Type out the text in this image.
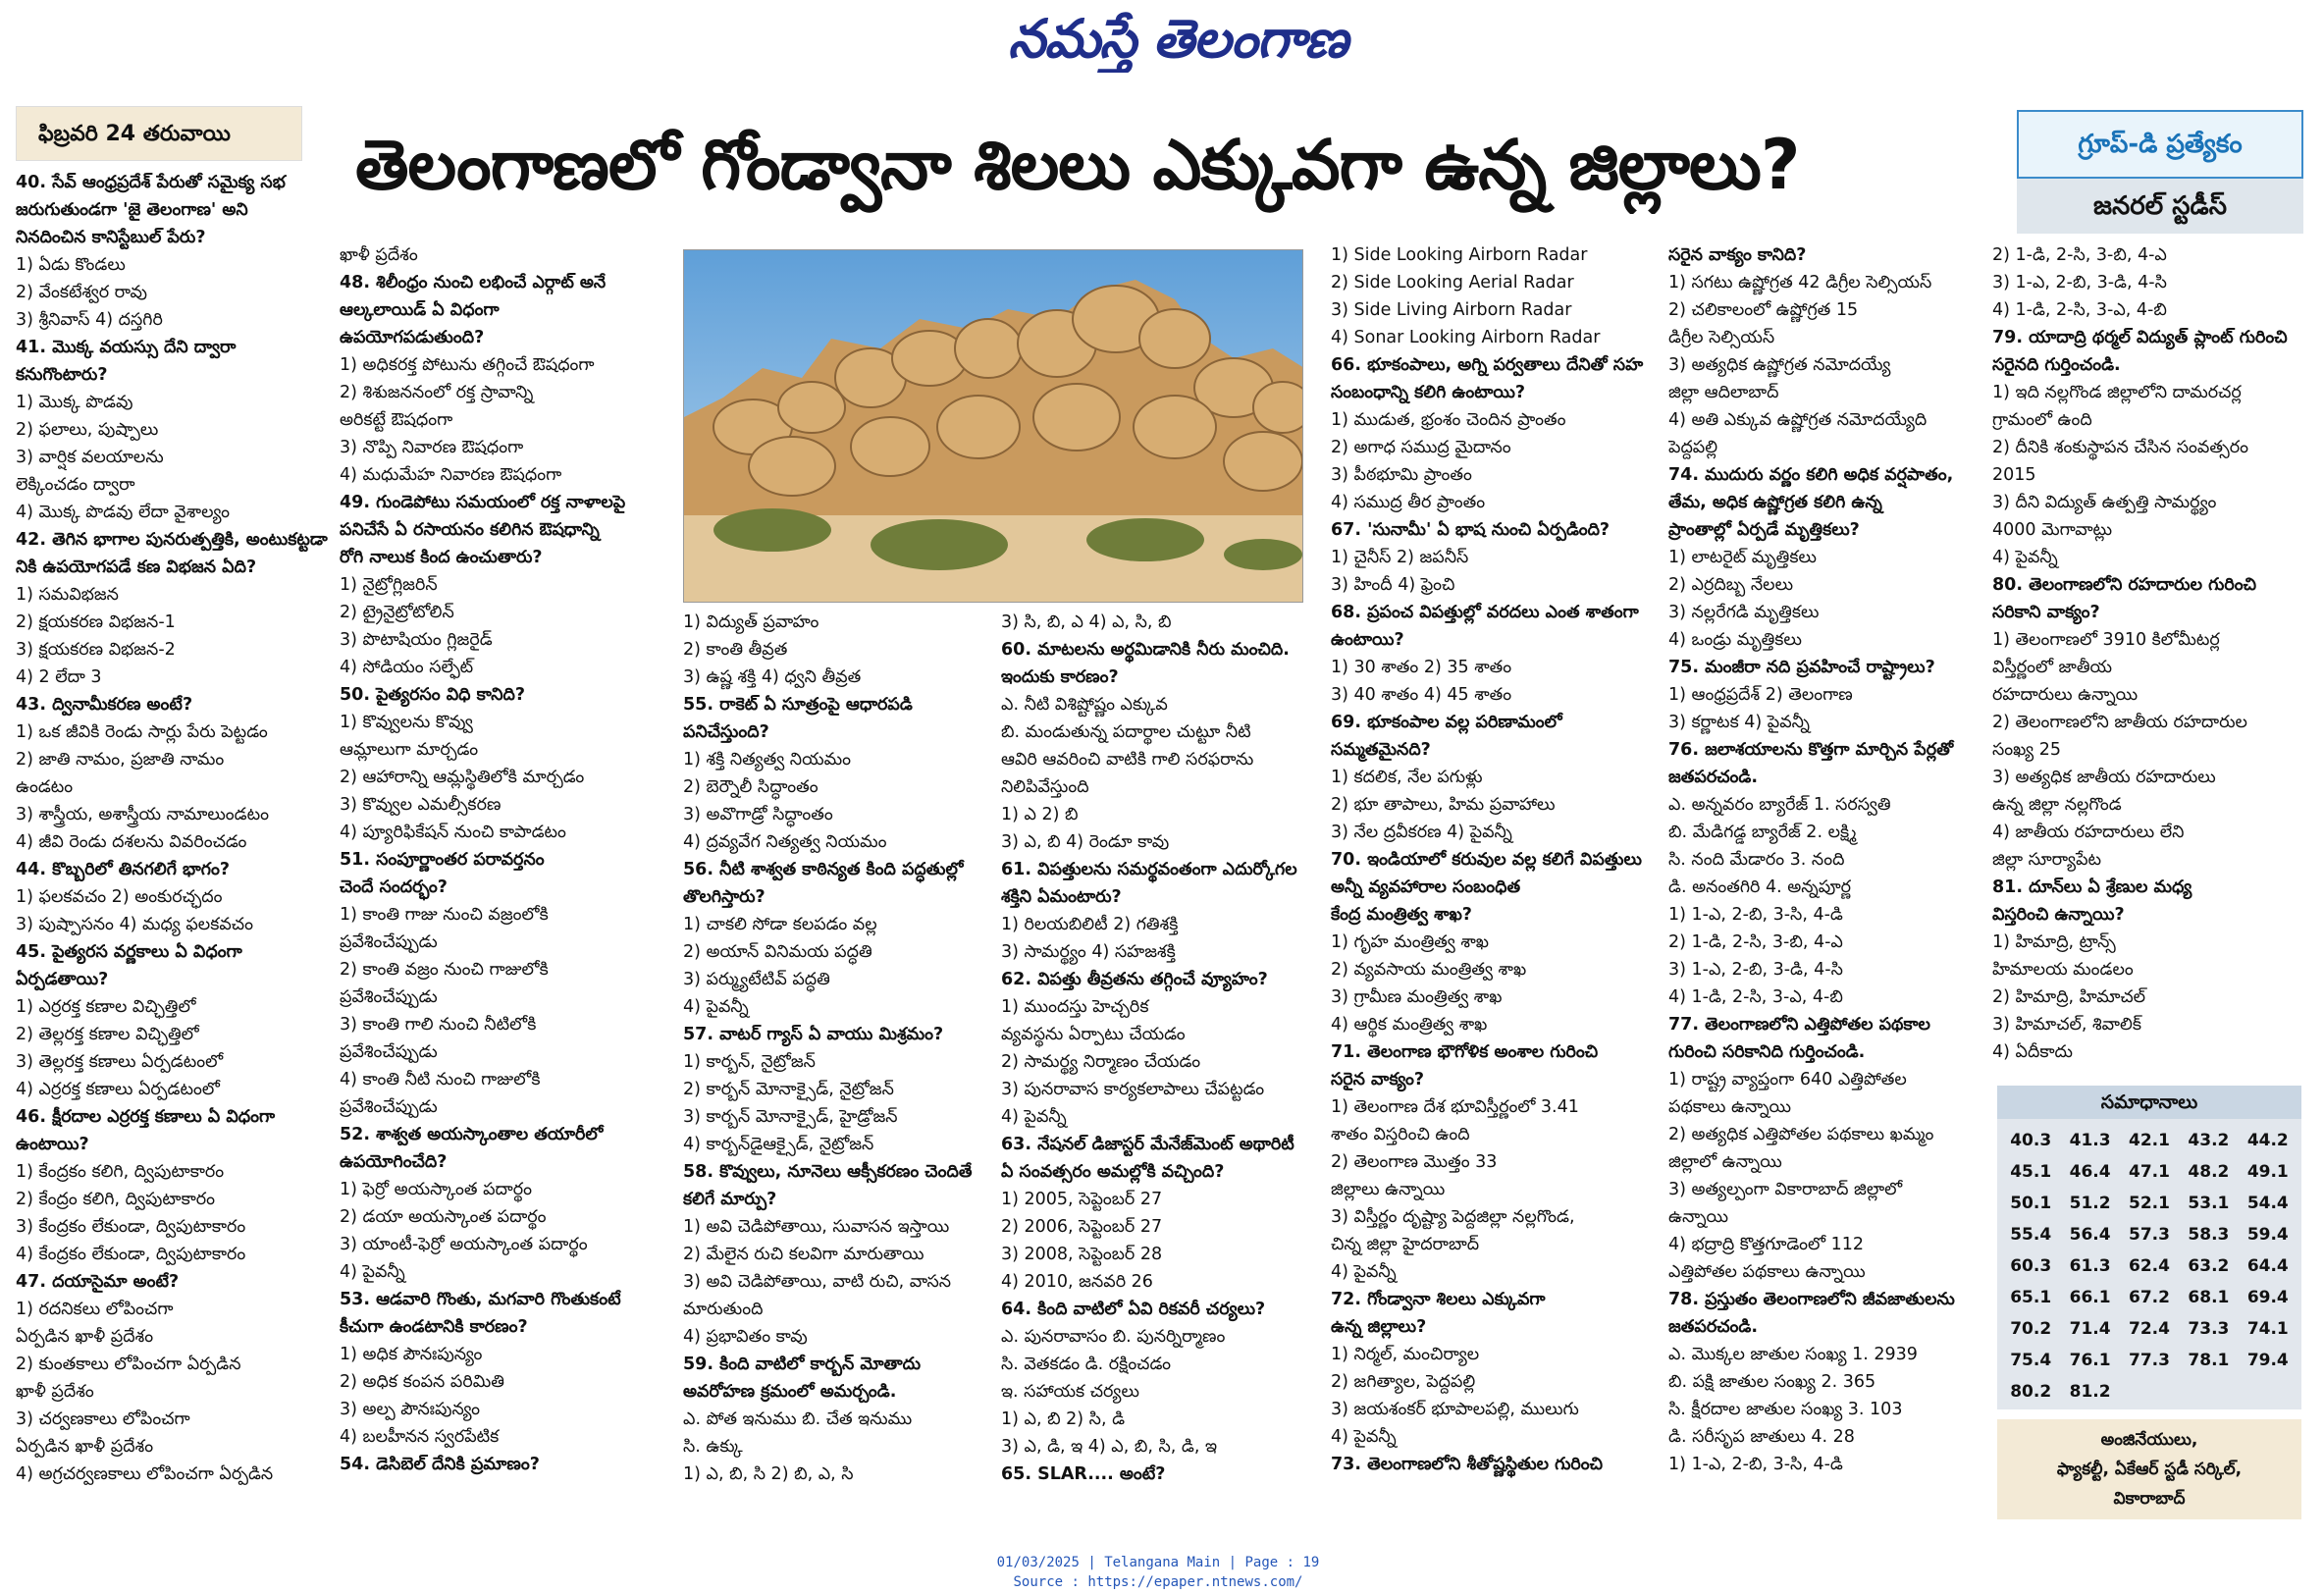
నమస్తే తెలంగాణ
ఫిబ్రవరి 24 తరువాయి	తెలంగాణలో గోండ్వానా శిలలు ఎక్కువగా ఉన్న జిల్లాలు?	గ్రూప్-డి ప్రత్యేకం
జనరల్ స్టడీస్

40. సేవ్ ఆంధ్రప్రదేశ్ పేరుతో సమైక్య సభ

జరుగుతుండగా 'జై తెలంగాణ' అని

నినదించిన కానిస్టేబుల్ పేరు?

1) ఏడు కొండలు

2) వేంకటేశ్వర రావు

3) శ్రీనివాస్ 4) దస్తగిరి

41. మొక్క వయస్సు దేని ద్వారా

కనుగొంటారు?

1) మొక్క పొడవు

2) ఫలాలు, పుష్పాలు

3) వార్షిక వలయాలను

లెక్కించడం ద్వారా

4) మొక్క పొడవు లేదా వైశాల్యం

42. తెగిన భాగాల పునరుత్పత్తికి, అంటుకట్టడా

నికి ఉపయోగపడే కణ విభజన ఏది?

1) సమవిభజన

2) క్షయకరణ విభజన-1

3) క్షయకరణ విభజన-2

4) 2 లేదా 3

43. ద్వినామీకరణ అంటే?

1) ఒక జీవికి రెండు సార్లు పేరు పెట్టడం

2) జాతి నామం, ప్రజాతి నామం

ఉండటం

3) శాస్త్రీయ, అశాస్త్రీయ నామాలుండటం

4) జీవి రెండు దశలను వివరించడం

44. కొబ్బరిలో తినగలిగే భాగం?

1) ఫలకవచం 2) అంకురచ్ఛదం

3) పుష్పాసనం 4) మధ్య ఫలకవచం

45. పైత్యరస వర్ణకాలు ఏ విధంగా

ఏర్పడతాయి?

1) ఎర్రరక్త కణాల విచ్ఛిత్తిలో

2) తెల్లరక్త కణాల విచ్ఛిత్తిలో

3) తెల్లరక్త కణాలు ఏర్పడటంలో

4) ఎర్రరక్త కణాలు ఏర్పడటంలో

46. క్షీరదాల ఎర్రరక్త కణాలు ఏ విధంగా

ఉంటాయి?

1) కేంద్రకం కలిగి, ద్విపుటాకారం

2) కేంద్రం కలిగి, ద్విపుటాకారం

3) కేంద్రకం లేకుండా, ద్విపుటాకారం

4) కేంద్రకం లేకుండా, ద్విపుటాకారం

47. దయాసైమా అంటే?

1) రదనికలు లోపించగా

ఏర్పడిన ఖాళీ ప్రదేశం

2) కుంతకాలు లోపించగా ఏర్పడిన

ఖాళీ ప్రదేశం

3) చర్వణకాలు లోపించగా

ఏర్పడిన ఖాళీ ప్రదేశం

4) అగ్రచర్వణకాలు లోపించగా ఏర్పడిన

ఖాళీ ప్రదేశం

48. శిలీంధ్రం నుంచి లభించే ఎర్గాట్ అనే

ఆల్కలాయిడ్ ఏ విధంగా

ఉపయోగపడుతుంది?

1) అధికరక్త పోటును తగ్గించే ఔషధంగా

2) శిశుజననంలో రక్త స్రావాన్ని

అరికట్టే ఔషధంగా

3) నొప్పి నివారణ ఔషధంగా

4) మధుమేహ నివారణ ఔషధంగా

49. గుండెపోటు సమయంలో రక్త నాళాలపై

పనిచేసే ఏ రసాయనం కలిగిన ఔషధాన్ని

రోగి నాలుక కింద ఉంచుతారు?

1) నైట్రోగ్లిజరిన్

2) ట్రైనైట్రోటోలిన్

3) పొటాషియం గ్లిజరైడ్

4) సోడియం సల్ఫేట్

50. పైత్యరసం విధి కానిది?

1) కొవ్వులను కొవ్వు

ఆమ్లాలుగా మార్చడం

2) ఆహారాన్ని ఆమ్లస్థితిలోకి మార్చడం

3) కొవ్వుల ఎమల్సీకరణ

4) ప్యూరిఫికేషన్ నుంచి కాపాడటం

51. సంపూర్ణాంతర పరావర్తనం

చెందే సందర్భం?

1) కాంతి గాజు నుంచి వజ్రంలోకి

ప్రవేశించేప్పుడు

2) కాంతి వజ్రం నుంచి గాజులోకి

ప్రవేశించేప్పుడు

3) కాంతి గాలి నుంచి నీటిలోకి

ప్రవేశించేప్పుడు

4) కాంతి నీటి నుంచి గాజులోకి

ప్రవేశించేప్పుడు

52. శాశ్వత అయస్కాంతాల తయారీలో

ఉపయోగించేది?

1) ఫెర్రో అయస్కాంత పదార్థం

2) డయా అయస్కాంత పదార్థం

3) యాంటీ-ఫెర్రో అయస్కాంత పదార్థం

4) పైవన్నీ

53. ఆడవారి గొంతు, మగవారి గొంతుకంటే

కీచుగా ఉండటానికి కారణం?

1) అధిక పౌనఃపున్యం

2) అధిక కంపన పరిమితి

3) అల్ప పౌనఃపున్యం

4) బలహీనన స్వరపేటిక

54. డెసిబెల్ దేనికి ప్రమాణం?

1) విద్యుత్ ప్రవాహం

2) కాంతి తీవ్రత

3) ఉష్ణ శక్తి 4) ధ్వని తీవ్రత

55. రాకెట్ ఏ సూత్రంపై ఆధారపడి

పనిచేస్తుంది?

1) శక్తి నిత్యత్వ నియమం

2) బెర్నౌలీ సిద్ధాంతం

3) అవొగాడ్రో సిద్ధాంతం

4) ద్రవ్యవేగ నిత్యత్వ నియమం

56. నీటి శాశ్వత కాఠిన్యత కింది పద్ధతుల్లో

తొలగిస్తారు?

1) చాకలి సోడా కలపడం వల్ల

2) అయాన్ వినిమయ పద్ధతి

3) పర్మ్యుటేటివ్ పద్ధతి

4) పైవన్నీ

57. వాటర్ గ్యాస్ ఏ వాయు మిశ్రమం?

1) కార్బన్, నైట్రోజన్

2) కార్బన్ మోనాక్సైడ్, నైట్రోజన్

3) కార్బన్ మోనాక్సైడ్, హైడ్రోజన్

4) కార్బన్‌డైఆక్సైడ్, నైట్రోజన్

58. కొవ్వులు, నూనెలు ఆక్సీకరణం చెందితే

కలిగే మార్పు?

1) అవి చెడిపోతాయి, సువాసన ఇస్తాయి

2) మేలైన రుచి కలవిగా మారుతాయి

3) అవి చెడిపోతాయి, వాటి రుచి, వాసన

మారుతుంది

4) ప్రభావితం కావు

59. కింది వాటిలో కార్బన్ మోతాదు

అవరోహణ క్రమంలో అమర్చండి.

ఎ. పోత ఇనుము బి. చేత ఇనుము

సి. ఉక్కు

1) ఎ, బి, సి 2) బి, ఎ, సి

3) సి, బి, ఎ 4) ఎ, సి, బి

60. మాటలను అర్థమిడానికి నీరు మంచిది.

ఇందుకు కారణం?

ఎ. నీటి విశిష్టోష్ణం ఎక్కువ

బి. మండుతున్న పదార్థాల చుట్టూ నీటి

ఆవిరి ఆవరించి వాటికి గాలి సరఫరాను

నిలిపివేస్తుంది

1) ఎ 2) బి

3) ఎ, బి 4) రెండూ కావు

61. విపత్తులను సమర్థవంతంగా ఎదుర్కోగల

శక్తిని ఏమంటారు?

1) రిలయబిలిటీ 2) గతిశక్తి

3) సామర్థ్యం 4) సహజశక్తి

62. విపత్తు తీవ్రతను తగ్గించే వ్యూహం?

1) ముందస్తు హెచ్చరిక

వ్యవస్థను ఏర్పాటు చేయడం

2) సామర్థ్య నిర్మాణం చేయడం

3) పునరావాస కార్యకలాపాలు చేపట్టడం

4) పైవన్నీ

63. నేషనల్ డిజాస్టర్ మేనేజ్‌మెంట్ అథారిటీ

ఏ సంవత్సరం అమల్లోకి వచ్చింది?

1) 2005, సెప్టెంబర్ 27

2) 2006, సెప్టెంబర్ 27

3) 2008, సెప్టెంబర్ 28

4) 2010, జనవరి 26

64. కింది వాటిలో ఏవి రికవరీ చర్యలు?

ఎ. పునరావాసం బి. పునర్నిర్మాణం

సి. వెతకడం డి. రక్షించడం

ఇ. సహాయక చర్యలు

1) ఎ, బి 2) సి, డి

3) ఎ, డి, ఇ 4) ఎ, బి, సి, డి, ఇ

65. SLAR.... అంటే?

1) Side Looking Airborn Radar

2) Side Looking Aerial Radar

3) Side Living Airborn Radar

4) Sonar Looking Airborn Radar

66. భూకంపాలు, అగ్ని పర్వతాలు దేనితో సహ

సంబంధాన్ని కలిగి ఉంటాయి?

1) ముడుత, భ్రంశం చెందిన ప్రాంతం

2) అగాధ సముద్ర మైదానం

3) పీఠభూమి ప్రాంతం

4) సముద్ర తీర ప్రాంతం

67. 'సునామీ' ఏ భాష నుంచి ఏర్పడింది?

1) చైనీస్ 2) జపనీస్

3) హిందీ 4) ఫ్రెంచి

68. ప్రపంచ విపత్తుల్లో వరదలు ఎంత శాతంగా

ఉంటాయి?

1) 30 శాతం 2) 35 శాతం

3) 40 శాతం 4) 45 శాతం

69. భూకంపాల వల్ల పరిణామంలో

సమ్మతమైనది?

1) కదలిక, నేల పగుళ్లు

2) భూ తాపాలు, హిమ ప్రవాహాలు

3) నేల ద్రవీకరణ 4) పైవన్నీ

70. ఇండియాలో కరువుల వల్ల కలిగే విపత్తులు

అన్నీ వ్యవహారాల సంబంధిత

కేంద్ర మంత్రిత్వ శాఖ?

1) గృహ మంత్రిత్వ శాఖ

2) వ్యవసాయ మంత్రిత్వ శాఖ

3) గ్రామీణ మంత్రిత్వ శాఖ

4) ఆర్థిక మంత్రిత్వ శాఖ

71. తెలంగాణ భౌగోళిక అంశాల గురించి

సరైన వాక్యం?

1) తెలంగాణ దేశ భూవిస్తీర్ణంలో 3.41

శాతం విస్తరించి ఉంది

2) తెలంగాణ మొత్తం 33

జిల్లాలు ఉన్నాయి

3) విస్తీర్ణం దృష్ట్యా పెద్దజిల్లా నల్లగొండ,

చిన్న జిల్లా హైదరాబాద్

4) పైవన్నీ

72. గోండ్వానా శిలలు ఎక్కువగా

ఉన్న జిల్లాలు?

1) నిర్మల్, మంచిర్యాల

2) జగిత్యాల, పెద్దపల్లి

3) జయశంకర్ భూపాలపల్లి, ములుగు

4) పైవన్నీ

73. తెలంగాణలోని శీతోష్ణస్థితుల గురించి

సరైన వాక్యం కానిది?

1) సగటు ఉష్ణోగ్రత 42 డిగ్రీల సెల్సియస్

2) చలికాలంలో ఉష్ణోగ్రత 15

డిగ్రీల సెల్సియస్

3) అత్యధిక ఉష్ణోగ్రత నమోదయ్యే

జిల్లా ఆదిలాబాద్

4) అతి ఎక్కువ ఉష్ణోగ్రత నమోదయ్యేది

పెద్దపల్లి

74. ముదురు వర్ణం కలిగి అధిక వర్షపాతం,

తేమ, అధిక ఉష్ణోగ్రత కలిగి ఉన్న

ప్రాంతాల్లో ఏర్పడే మృత్తికలు?

1) లాటరైట్ మృత్తికలు

2) ఎర్రదిబ్బ నేలలు

3) నల్లరేగడి మృత్తికలు

4) ఒండ్రు మృత్తికలు

75. మంజీరా నది ప్రవహించే రాష్ట్రాలు?

1) ఆంధ్రప్రదేశ్ 2) తెలంగాణ

3) కర్ణాటక 4) పైవన్నీ

76. జలాశయాలను కొత్తగా మార్చిన పేర్లతో

జతపరచండి.

ఎ. అన్నవరం బ్యారేజ్ 1. సరస్వతి

బి. మేడిగడ్డ బ్యారేజ్ 2. లక్ష్మి

సి. నంది మేడారం 3. నంది

డి. అనంతగిరి 4. అన్నపూర్ణ

1) 1-ఎ, 2-బి, 3-సి, 4-డి

2) 1-డి, 2-సి, 3-బి, 4-ఎ

3) 1-ఎ, 2-బి, 3-డి, 4-సి

4) 1-డి, 2-సి, 3-ఎ, 4-బి

77. తెలంగాణలోని ఎత్తిపోతల పథకాల

గురించి సరికానిది గుర్తించండి.

1) రాష్ట్ర వ్యాప్తంగా 640 ఎత్తిపోతల

పథకాలు ఉన్నాయి

2) అత్యధిక ఎత్తిపోతల పథకాలు ఖమ్మం

జిల్లాలో ఉన్నాయి

3) అత్యల్పంగా వికారాబాద్ జిల్లాలో

ఉన్నాయి

4) భద్రాద్రి కొత్తగూడెంలో 112

ఎత్తిపోతల పథకాలు ఉన్నాయి

78. ప్రస్తుతం తెలంగాణలోని జీవజాతులను

జతపరచండి.

ఎ. మొక్కల జాతుల సంఖ్య 1. 2939

బి. పక్షి జాతుల సంఖ్య 2. 365

సి. క్షీరదాల జాతుల సంఖ్య 3. 103

డి. సరీసృప జాతులు 4. 28

1) 1-ఎ, 2-బి, 3-సి, 4-డి

2) 1-డి, 2-సి, 3-బి, 4-ఎ

3) 1-ఎ, 2-బి, 3-డి, 4-సి

4) 1-డి, 2-సి, 3-ఎ, 4-బి

79. యాదాద్రి థర్మల్ విద్యుత్ ప్లాంట్ గురించి

సరైనది గుర్తించండి.

1) ఇది నల్లగొండ జిల్లాలోని దామరచర్ల

గ్రామంలో ఉంది

2) దీనికి శంకుస్థాపన చేసిన సంవత్సరం

2015

3) దీని విద్యుత్ ఉత్పత్తి సామర్థ్యం

4000 మెగావాట్లు

4) పైవన్నీ

80. తెలంగాణలోని రహదారుల గురించి

సరికాని వాక్యం?

1) తెలంగాణలో 3910 కిలోమీటర్ల

విస్తీర్ణంలో జాతీయ

రహదారులు ఉన్నాయి

2) తెలంగాణలోని జాతీయ రహదారుల

సంఖ్య 25

3) అత్యధిక జాతీయ రహదారులు

ఉన్న జిల్లా నల్లగొండ

4) జాతీయ రహదారులు లేని

జిల్లా సూర్యాపేట

81. దూన్‌లు ఏ శ్రేణుల మధ్య

విస్తరించి ఉన్నాయి?

1) హిమాద్రి, ట్రాన్స్

హిమాలయ మండలం

2) హిమాద్రి, హిమాచల్

3) హిమాచల్, శివాలిక్

4) ఏదీకాదు

సమాధానాలు
40.3	41.3	42.1	43.2	44.2
45.1	46.4	47.1	48.2	49.1
50.1	51.2	52.1	53.1	54.4
55.4	56.4	57.3	58.3	59.4
60.3	61.3	62.4	63.2	64.4
65.1	66.1	67.2	68.1	69.4
70.2	71.4	72.4	73.3	74.1
75.4	76.1	77.3	78.1	79.4
80.2	81.2
అంజినేయులు,
ఫ్యాకల్టీ, ఏకేఆర్ స్టడీ సర్కిల్,
వికారాబాద్
01/03/2025 | Telangana Main | Page : 19
Source : https://epaper.ntnews.com/
